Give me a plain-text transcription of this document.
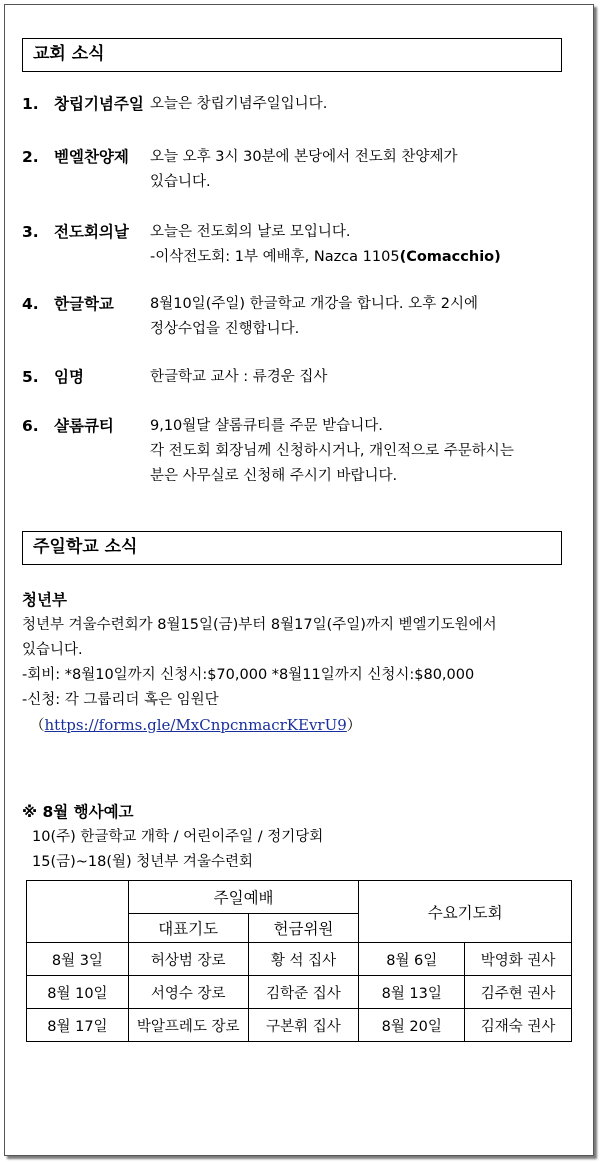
교회 소식
1. 창립기념주일 오늘은 창립기념주일입니다.
2. 벧엘찬양제 오늘 오후 3시 30분에 본당에서 전도회 찬양제가
있습니다.
3. 전도회의날 오늘은 전도회의 날로 모입니다.
-이삭전도회: 1부 예배후, Nazca 1105(Comacchio)
4. 한글학교 8월10일(주일) 한글학교 개강을 합니다. 오후 2시에
정상수업을 진행합니다.
5. 임명	한글학교 교사 : 류경운 집사
6. 샬롬큐티 9,10월달 샬롬큐티를 주문 받습니다.
각 전도회 회장님께 신청하시거나, 개인적으로 주문하시는
분은 사무실로 신청해 주시기 바랍니다.
주일학교 소식
청년부
청년부 겨울수련회가 8월15일(금)부터 8월17일(주일)까지 벧엘기도원에서
있습니다.
-회비: *8월10일까지 신청시:$70,000 *8월11일까지 신청시:$80,000
-신청: 각 그룹리더 혹은 임원단
（https://forms.gle/MxCnpcnmacrKEvrU9）
※ 8월 행사예고
10(주) 한글학교 개학 / 어린이주일 / 정기당회
15(금)~18(월) 청년부 겨울수련회
	주일예배		수요기도회	
	대표기도	헌금위원		
8월 3일	허상범 장로	황 석 집사	8월 6일	박영화 권사
8월 10일	서영수 장로	김학준 집사	8월 13일	김주현 권사
8월 17일	박알프레도 장로	구본휘 집사	8월 20일	김재숙 권사
